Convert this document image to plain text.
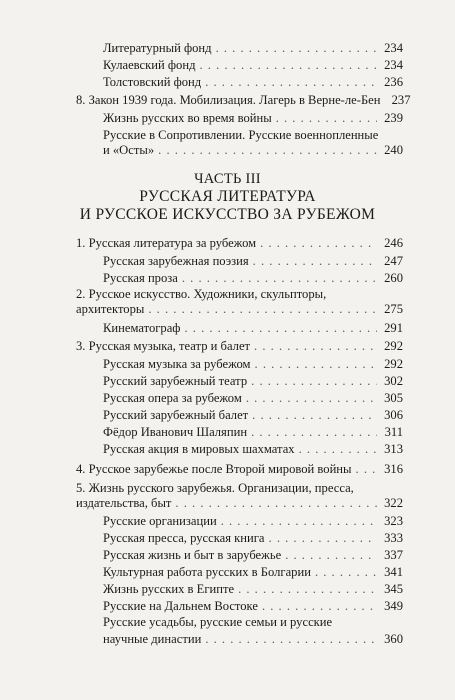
Литературный фонд . . .	234
Кулаевский фонд . . .	234
Толстовский фонд . . .	236
8. Закон 1939 года. Мобилизация. Лагерь в Верне-ле-Бен 237
Жизнь русских во время войны . . .	239
Русские в Сопротивлении. Русские военнопленные
и «Осты» . . .	240
ЧАСТЬ III
РУССКАЯ ЛИТЕРАТУРА
И РУССКОЕ ИСКУССТВО ЗА РУБЕЖОМ
1. Русская литература за рубежом . . .	246
Русская зарубежная поэзия . . .	247
Русская проза . . .	260
2. Русское искусство. Художники, скульпторы,
архитекторы . . .	275
Кинематограф . . .	291
3. Русская музыка, театр и балет . . .	292
Русская музыка за рубежом . . .	292
Русский зарубежный театр . . .	302
Русская опера за рубежом . . .	305
Русский зарубежный балет . . .	306
Фёдор Иванович Шаляпин . . .	311
Русская акция в мировых шахматах . . .	313
4. Русское зарубежье после Второй мировой войны . . .	316
5. Жизнь русского зарубежья. Организации, пресса,
издательства, быт . . .	322
Русские организации . . .	323
Русская пресса, русская книга . . .	333
Русская жизнь и быт в зарубежье . . .	337
Культурная работа русских в Болгарии . . .	341
Жизнь русских в Египте . . .	345
Русские на Дальнем Востоке . . .	349
Русские усадьбы, русские семьи и русские
научные династии . . .	360
